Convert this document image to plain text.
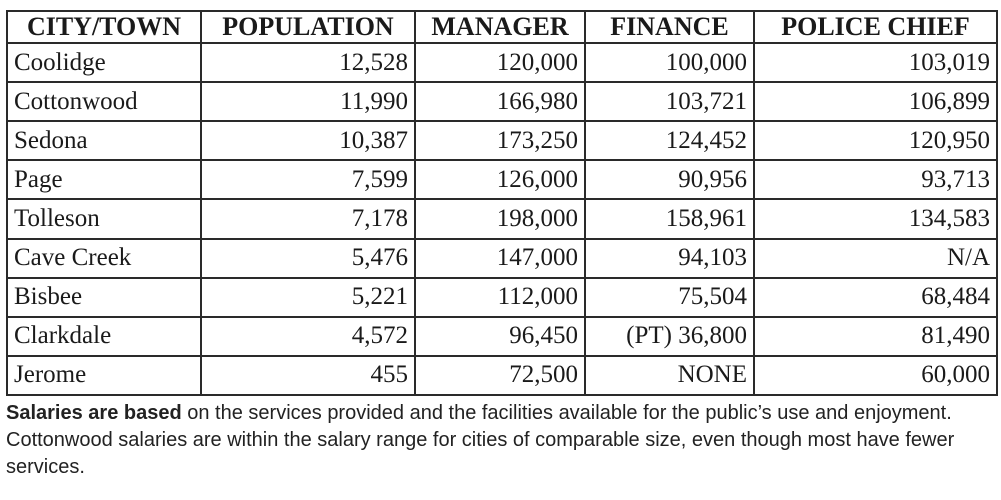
CITY/TOWN	POPULATION	MANAGER	FINANCE	POLICE CHIEF
Coolidge	12,528	120,000	100,000	103,019
Cottonwood	11,990	166,980	103,721	106,899
Sedona	10,387	173,250	124,452	120,950
Page	7,599	126,000	90,956	93,713
Tolleson	7,178	198,000	158,961	134,583
Cave Creek	5,476	147,000	94,103	N/A
Bisbee	5,221	112,000	75,504	68,484
Clarkdale	4,572	96,450	(PT) 36,800	81,490
Jerome	455	72,500	NONE	60,000

Salaries are based on the services provided and the facilities available for the public’s use and enjoyment. Cottonwood salaries are within the salary range for cities of comparable size, even though most have fewer services.
